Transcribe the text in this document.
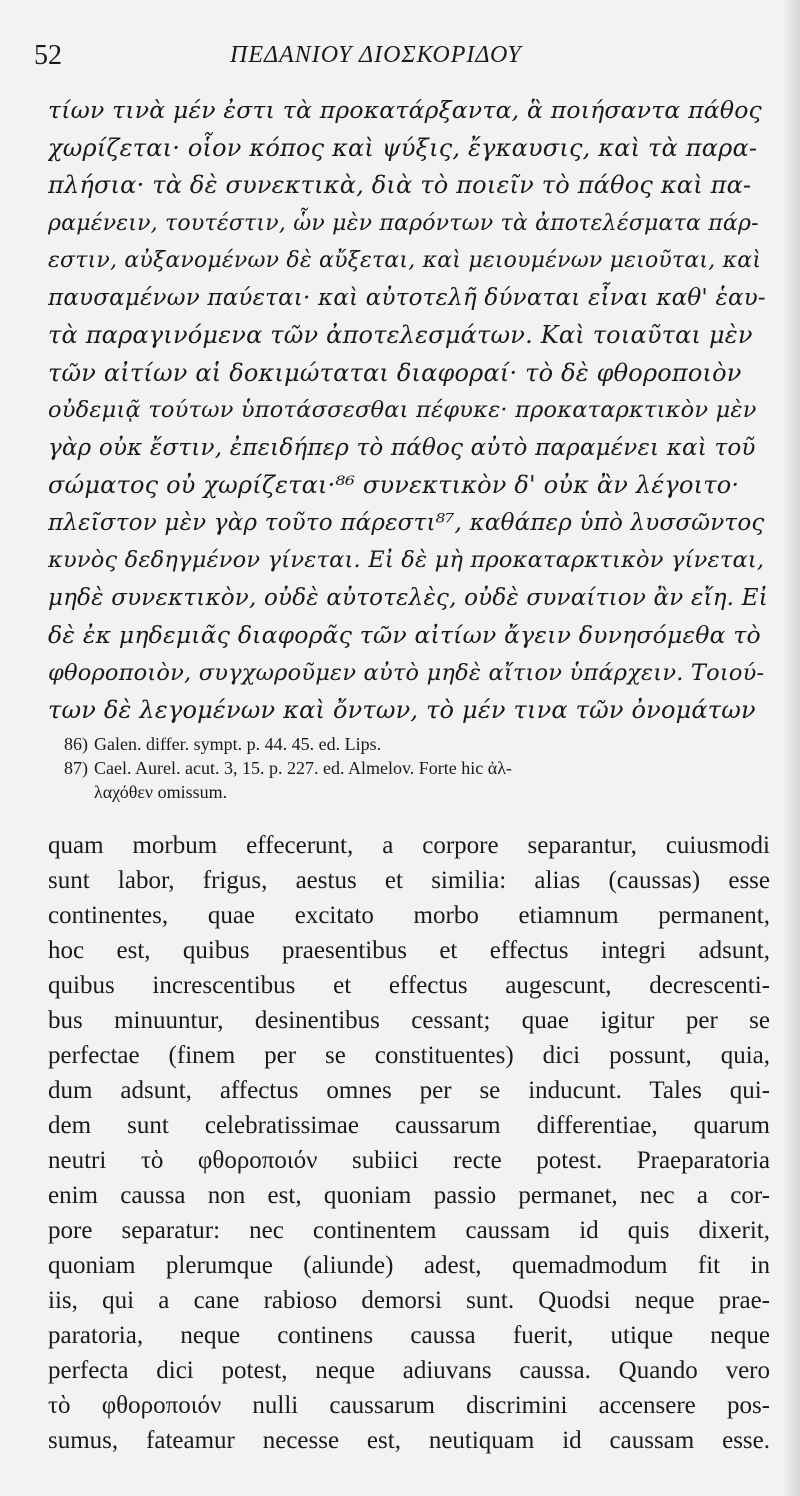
52	ΠΕΔΑΝΙΟΥ ΔΙΟΣΚΟΡΙΔΟΥ
τίων τινὰ μέν ἐστι τὰ προκατάρξαντα, ἃ ποιήσαντα πάθος
χωρίζεται· οἷον κόπος καὶ ψύξις, ἔγκαυσις, καὶ τὰ παρα-
πλήσια· τὰ δὲ συνεκτικὰ, διὰ τὸ ποιεῖν τὸ πάθος καὶ πα-
ραμένειν, τουτέστιν, ὧν μὲν παρόντων τὰ ἀποτελέσματα πάρ-
εστιν, αὐξανομένων δὲ αὔξεται, καὶ μειουμένων μειοῦται, καὶ
παυσαμένων παύεται· καὶ αὐτοτελῆ δύναται εἶναι καθ' ἑαυ-
τὰ παραγινόμενα τῶν ἀποτελεσμάτων. Καὶ τοιαῦται μὲν
τῶν αἰτίων αἱ δοκιμώταται διαφοραί· τὸ δὲ φθοροποιὸν
οὐδεμιᾷ τούτων ὑποτάσσεσθαι πέφυκε· προκαταρκτικὸν μὲν
γὰρ οὐκ ἔστιν, ἐπειδήπερ τὸ πάθος αὐτὸ παραμένει καὶ τοῦ
σώματος οὐ χωρίζεται·⁸⁶ συνεκτικὸν δ' οὐκ ἂν λέγοιτο·
πλεῖστον μὲν γὰρ τοῦτο πάρεστι⁸⁷, καθάπερ ὑπὸ λυσσῶντος
κυνὸς δεδηγμένον γίνεται. Εἰ δὲ μὴ προκαταρκτικὸν γίνεται,
μηδὲ συνεκτικὸν, οὐδὲ αὐτοτελὲς, οὐδὲ συναίτιον ἂν εἴη. Εἰ
δὲ ἐκ μηδεμιᾶς διαφορᾶς τῶν αἰτίων ἄγειν δυνησόμεθα τὸ
φθοροποιὸν, συγχωροῦμεν αὐτὸ μηδὲ αἴτιον ὑπάρχειν. Τοιού-
των δὲ λεγομένων καὶ ὄντων, τὸ μέν τινα τῶν ὀνομάτων
86) Galen. differ. sympt. p. 44. 45. ed. Lips.
87) Cael. Aurel. acut. 3, 15. p. 227. ed. Almelov. Forte hic ἀλ-
λαχόθεν omissum.
quam morbum effecerunt, a corpore separantur, cuiusmodi
sunt labor, frigus, aestus et similia: alias (caussas) esse
continentes, quae excitato morbo etiamnum permanent,
hoc est, quibus praesentibus et effectus integri adsunt,
quibus increscentibus et effectus augescunt, decrescenti-
bus minuuntur, desinentibus cessant; quae igitur per se
perfectae (finem per se constituentes) dici possunt, quia,
dum adsunt, affectus omnes per se inducunt. Tales qui-
dem sunt celebratissimae caussarum differentiae, quarum
neutri τὸ φθοροποιόν subiici recte potest. Praeparatoria
enim caussa non est, quoniam passio permanet, nec a cor-
pore separatur: nec continentem caussam id quis dixerit,
quoniam plerumque (aliunde) adest, quemadmodum fit in
iis, qui a cane rabioso demorsi sunt. Quodsi neque prae-
paratoria, neque continens caussa fuerit, utique neque
perfecta dici potest, neque adiuvans caussa. Quando vero
τὸ φθοροποιόν nulli caussarum discrimini accensere pos-
sumus, fateamur necesse est, neutiquam id caussam esse.
